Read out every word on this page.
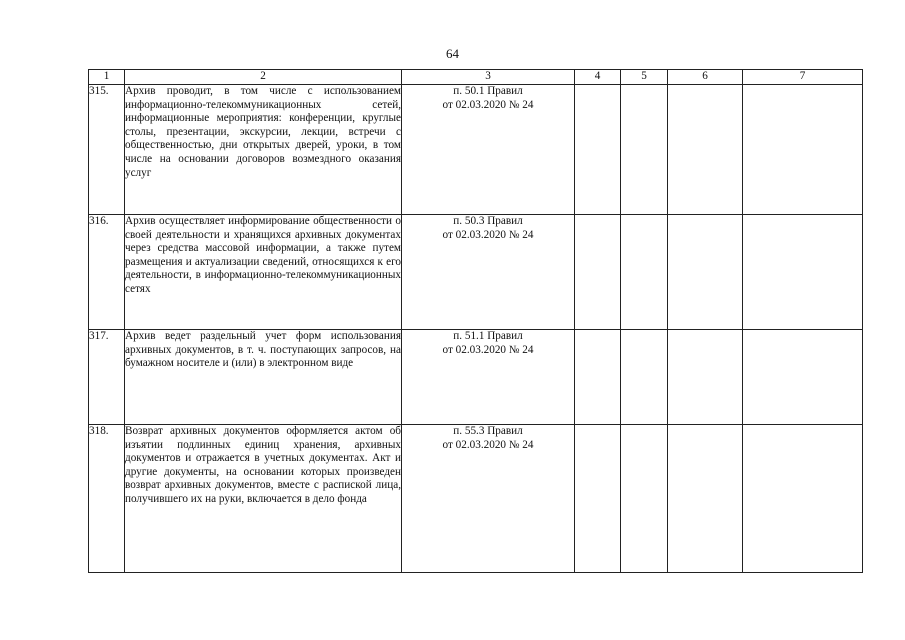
64
1	2	3	4	5	6	7
315.	Архив проводит, в том числе с использованием информационно-телекоммуникационных сетей, информационные мероприятия: конференции, круглые столы, презентации, экскурсии, лекции, встречи с общественностью, дни открытых дверей, уроки, в том числе на основании договоров возмездного оказания услуг	п. 50.1 Правил
от 02.03.2020 № 24				

316.	Архив осуществляет информирование общественности о своей деятельности и хранящихся архивных документах через средства массовой информации, а также путем размещения и актуализации сведений, относящихся к его деятельности, в информационно-телекоммуникационных сетях	п. 50.3 Правил
от 02.03.2020 № 24				

317.	Архив ведет раздельный учет форм использования архивных документов, в т. ч. поступающих запросов, на бумажном носителе и (или) в электронном виде	п. 51.1 Правил
от 02.03.2020 № 24				

318.	Возврат архивных документов оформляется актом об изъятии подлинных единиц хранения, архивных документов и отражается в учетных документах. Акт и другие документы, на основании которых произведен возврат архивных документов, вместе с распиской лица, получившего их на руки, включается в дело фонда	п. 55.3 Правил
от 02.03.2020 № 24				
